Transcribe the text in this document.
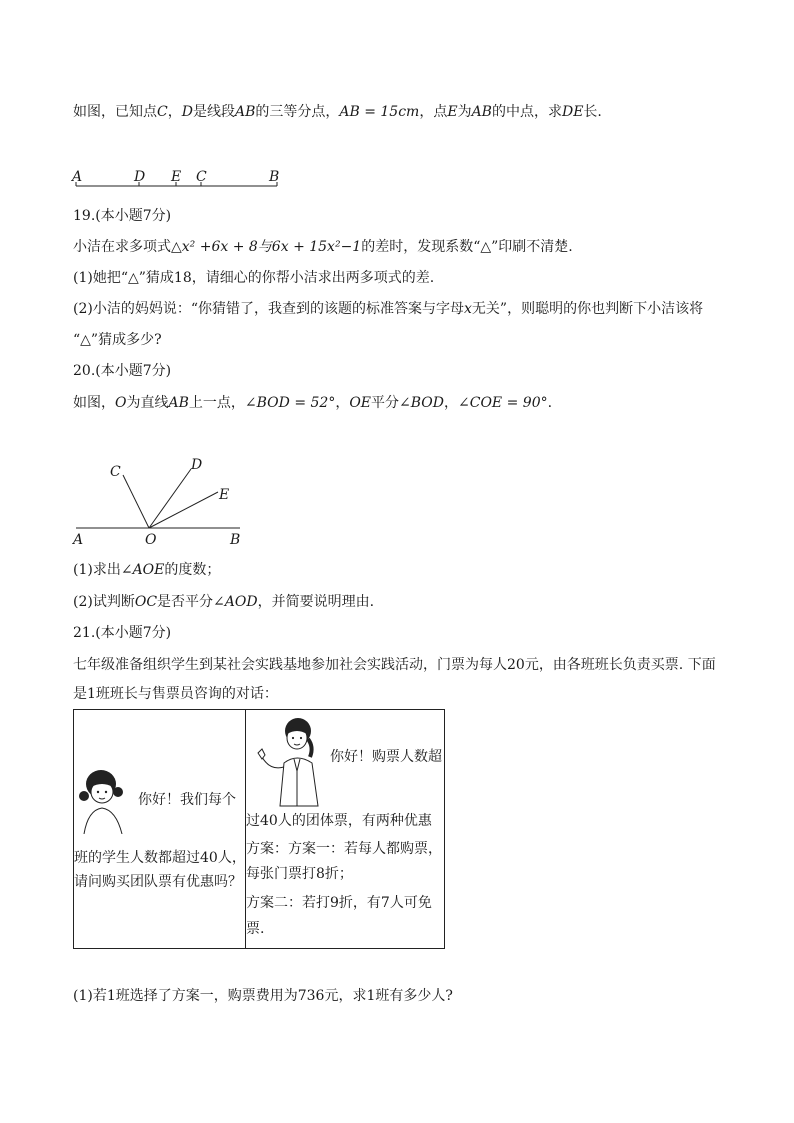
如图，已知点C，D是线段AB的三等分点，AB = 15cm，点E为AB的中点，求DE长.
A	D E C	B
19.(本小题7分)
小洁在求多项式△x² +6x + 8与6x + 15x²−1的差时，发现系数“△”印刷不清楚.
(1)她把“△”猜成18，请细心的你帮小洁求出两多项式的差.
(2)小洁的妈妈说：“你猜错了，我查到的该题的标准答案与字母x无关”，则聪明的你也判断下小洁该将
“△”猜成多少?
20.(本小题7分)
如图，O为直线AB上一点，∠BOD = 52°，OE平分∠BOD，∠COE = 90°.
A	O	B
C	D
E
(1)求出∠AOE的度数；
(2)试判断OC是否平分∠AOD，并简要说明理由.
21.(本小题7分)
七年级准备组织学生到某社会实践基地参加社会实践活动，门票为每人20元，由各班班长负责买票. 下面
是1班班长与售票员咨询的对话：
你好！我们每个
班的学生人数都超过40人，
请问购买团队票有优惠吗？
你好！购票人数超
过40人的团体票，有两种优惠
方案：方案一：若每人都购票，
每张门票打8折；
方案二：若打9折，有7人可免
票.
(1)若1班选择了方案一，购票费用为736元，求1班有多少人?
